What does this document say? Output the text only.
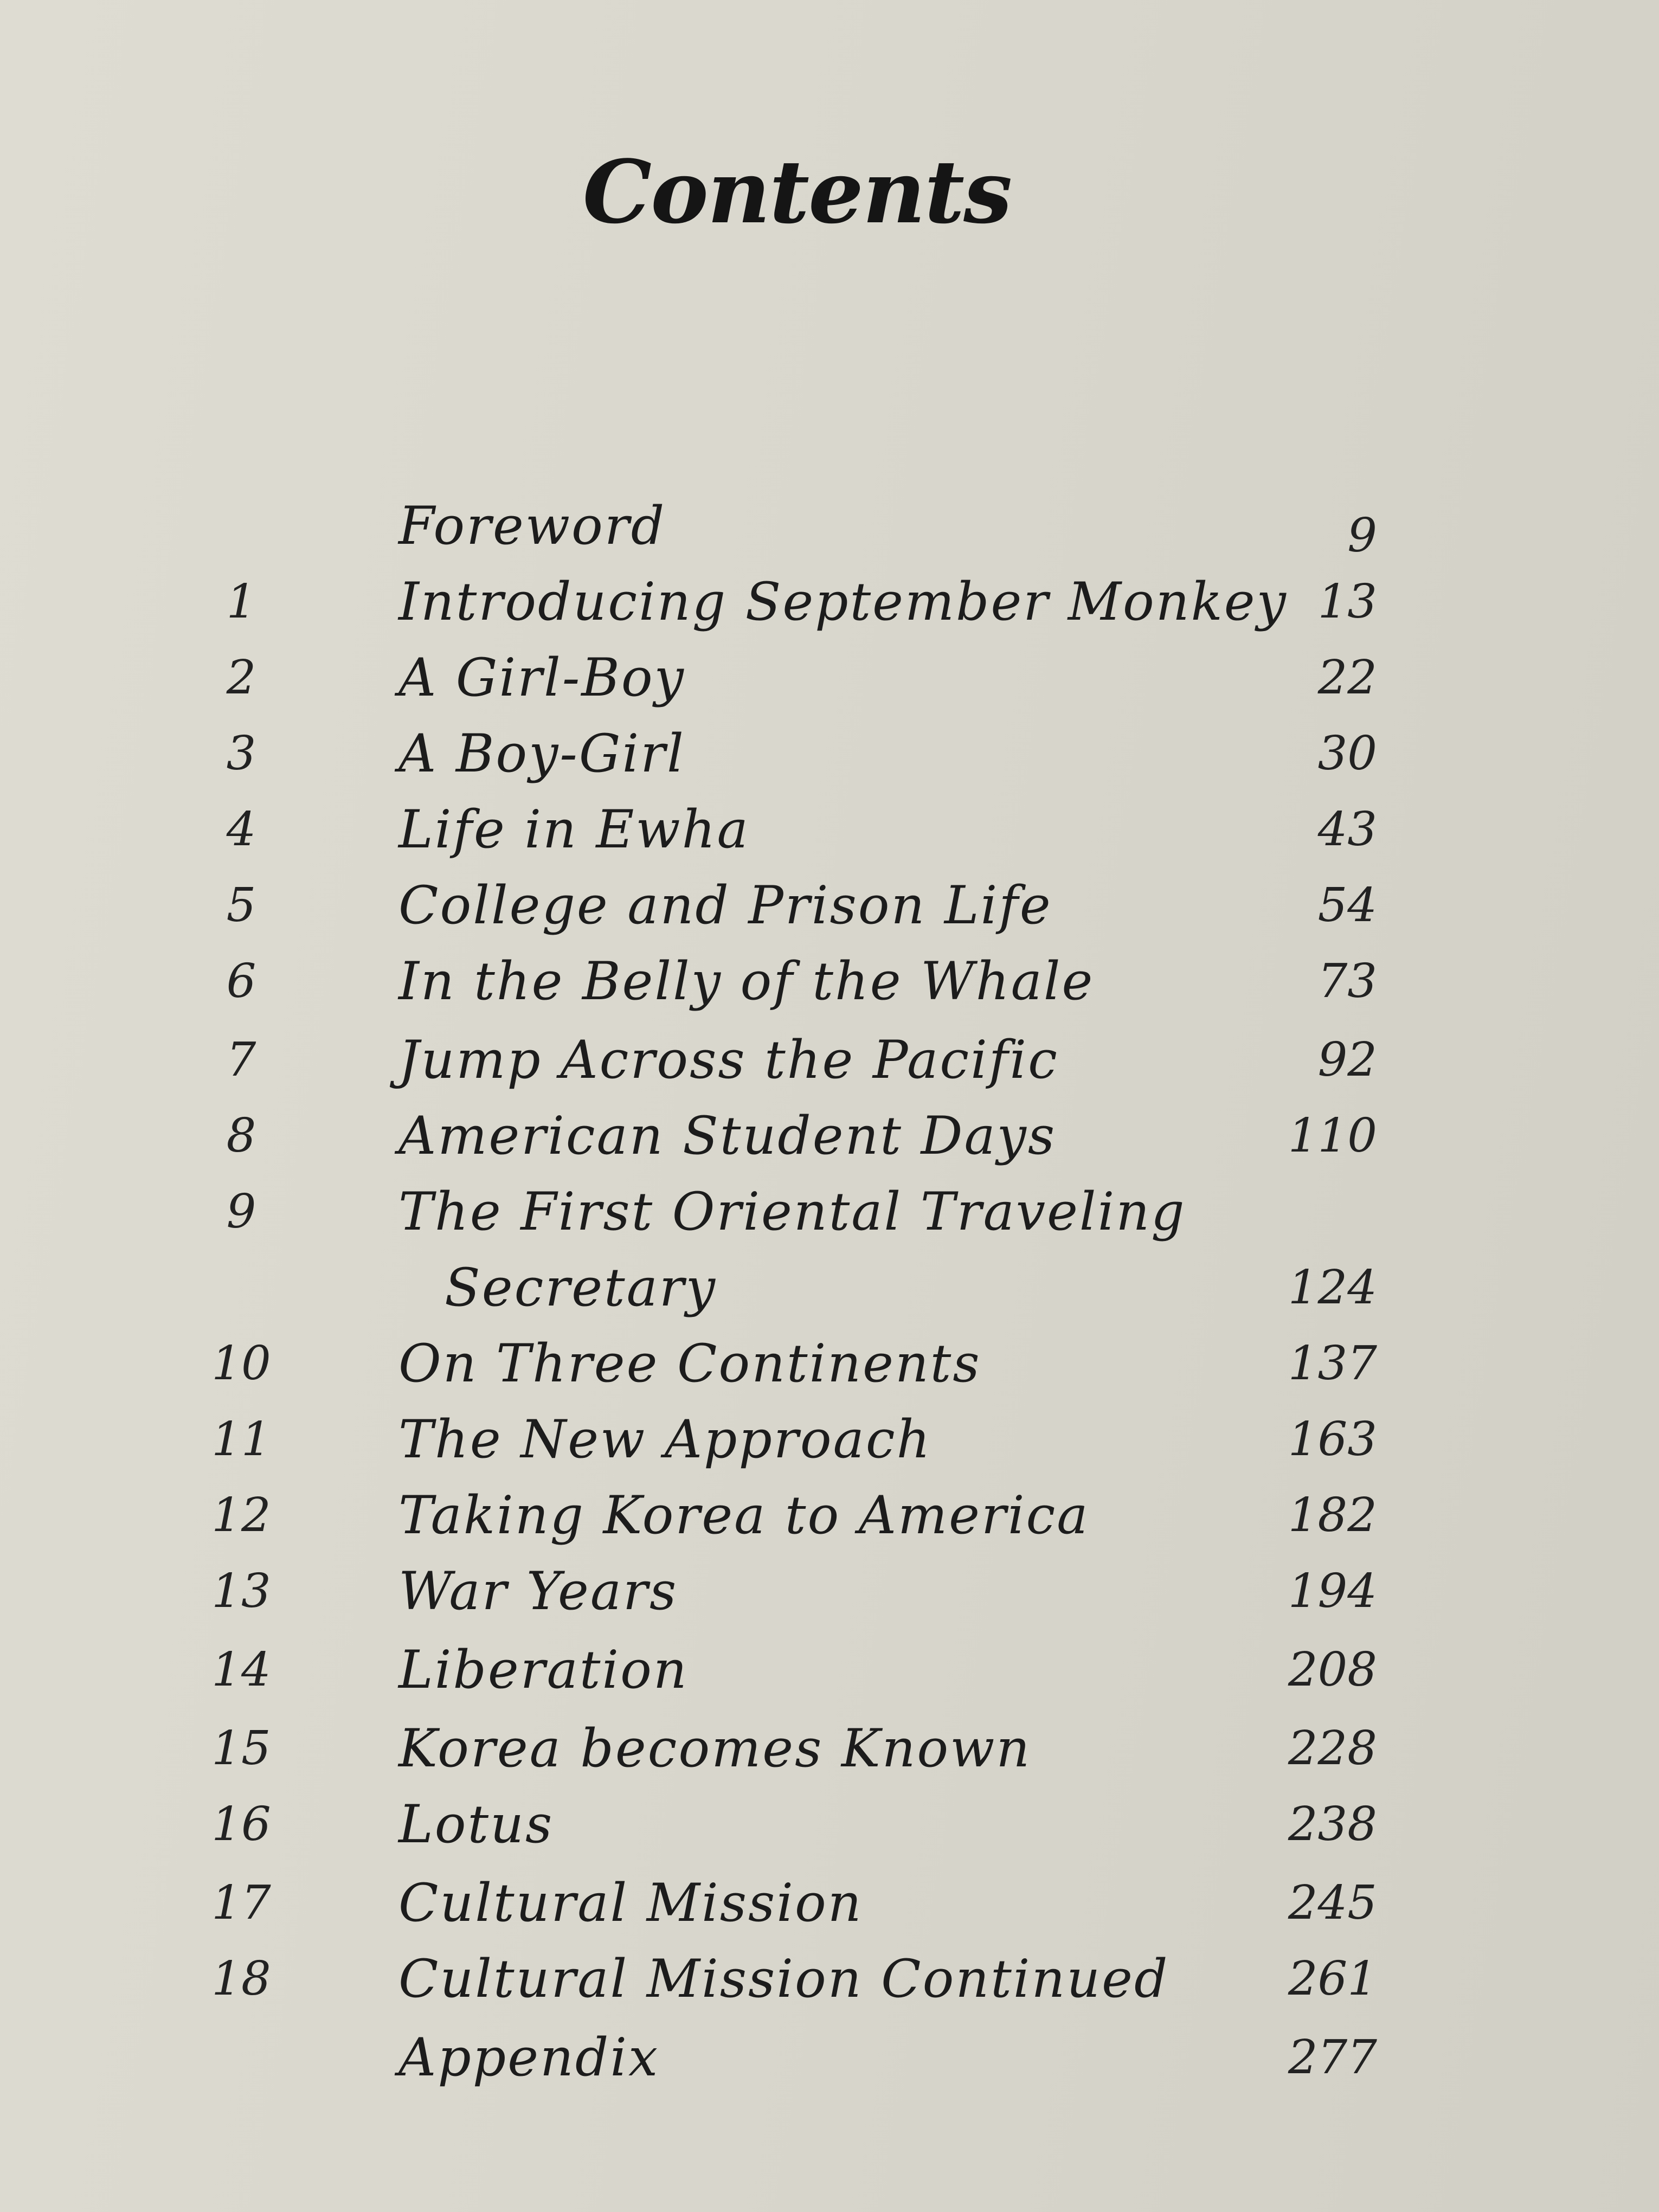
Contents
Foreword	9
1	Introducing September Monkey 13
2	A Girl-Boy	22
3	A Boy-Girl	30
4	Life in Ewha	43
5	College and Prison Life	54
6	In the Belly of the Whale	73
7	Jump Across the Pacific	92
8	American Student Days	110
9	The First Oriental Traveling
Secretary	124
10 On Three Continents	137
11 The New Approach	163
12 Taking Korea to America	182
13 War Years	194
14 Liberation	208
15 Korea becomes Known	228
16 Lotus	238
17 Cultural Mission	245
18 Cultural Mission Continued	261
Appendix	277
